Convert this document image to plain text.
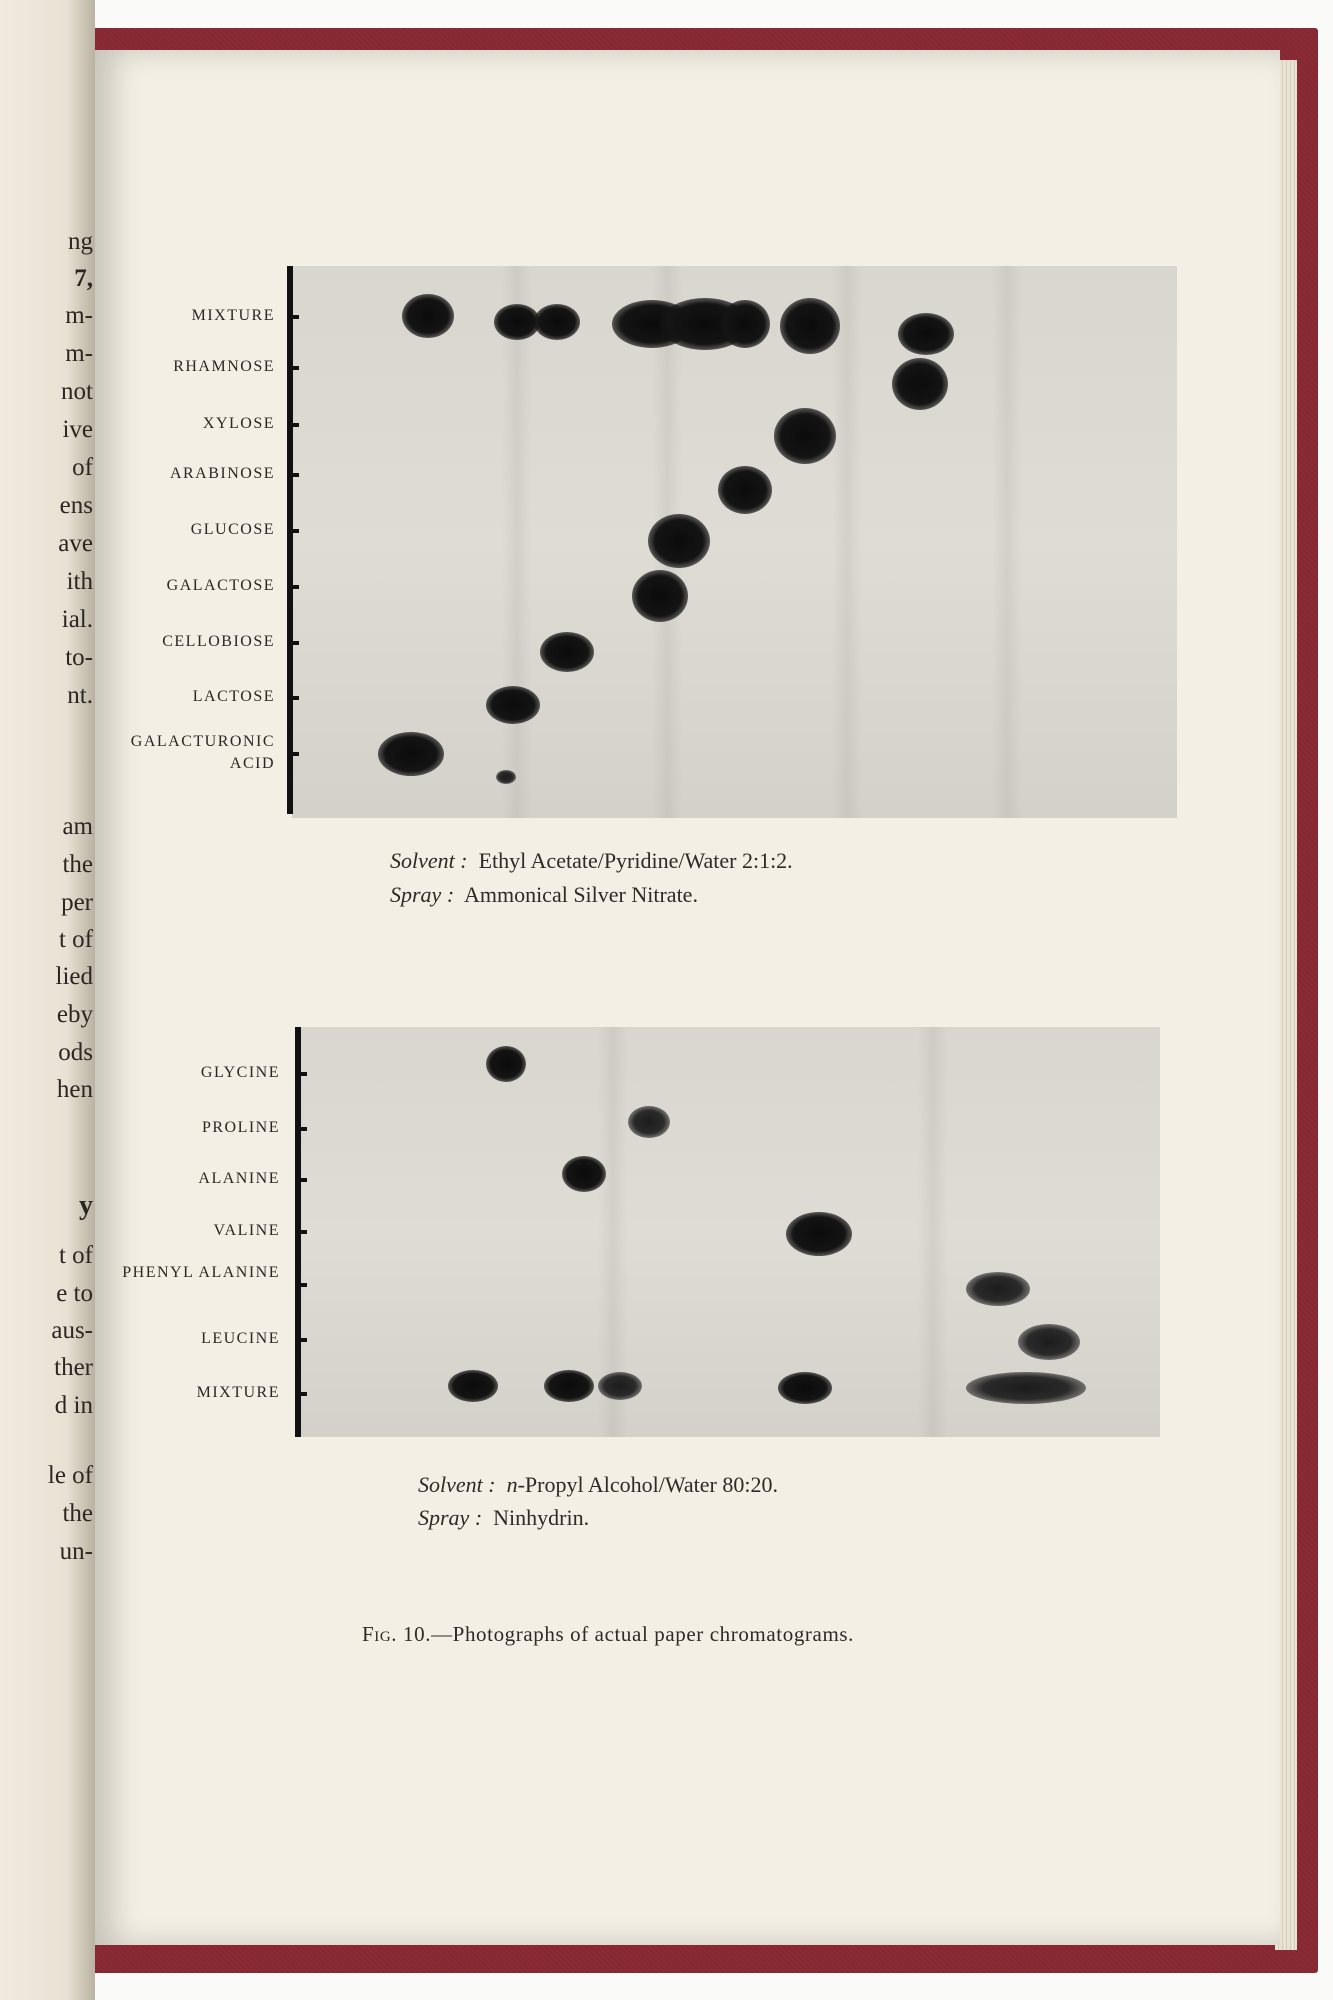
ng
7,
m-
m-
not
ive
of
ens
ave
ith
ial.
to-
nt.
am
the
per
t of
lied
eby
ods
hen
y
t of
e to
aus-
ther
d in
le of
the
un-
MIXTURE
RHAMNOSE
XYLOSE
ARABINOSE
GLUCOSE
GALACTOSE
CELLOBIOSE
LACTOSE
GALACTURONIC ACID
Solvent : Ethyl Acetate/Pyridine/Water 2:1:2.
Spray : Ammonical Silver Nitrate.
GLYCINE
PROLINE
ALANINE
VALINE
PHENYL ALANINE
LEUCINE
MIXTURE
Solvent : n-Propyl Alcohol/Water 80:20.
Spray : Ninhydrin.
Fig. 10.—Photographs of actual paper chromatograms.
